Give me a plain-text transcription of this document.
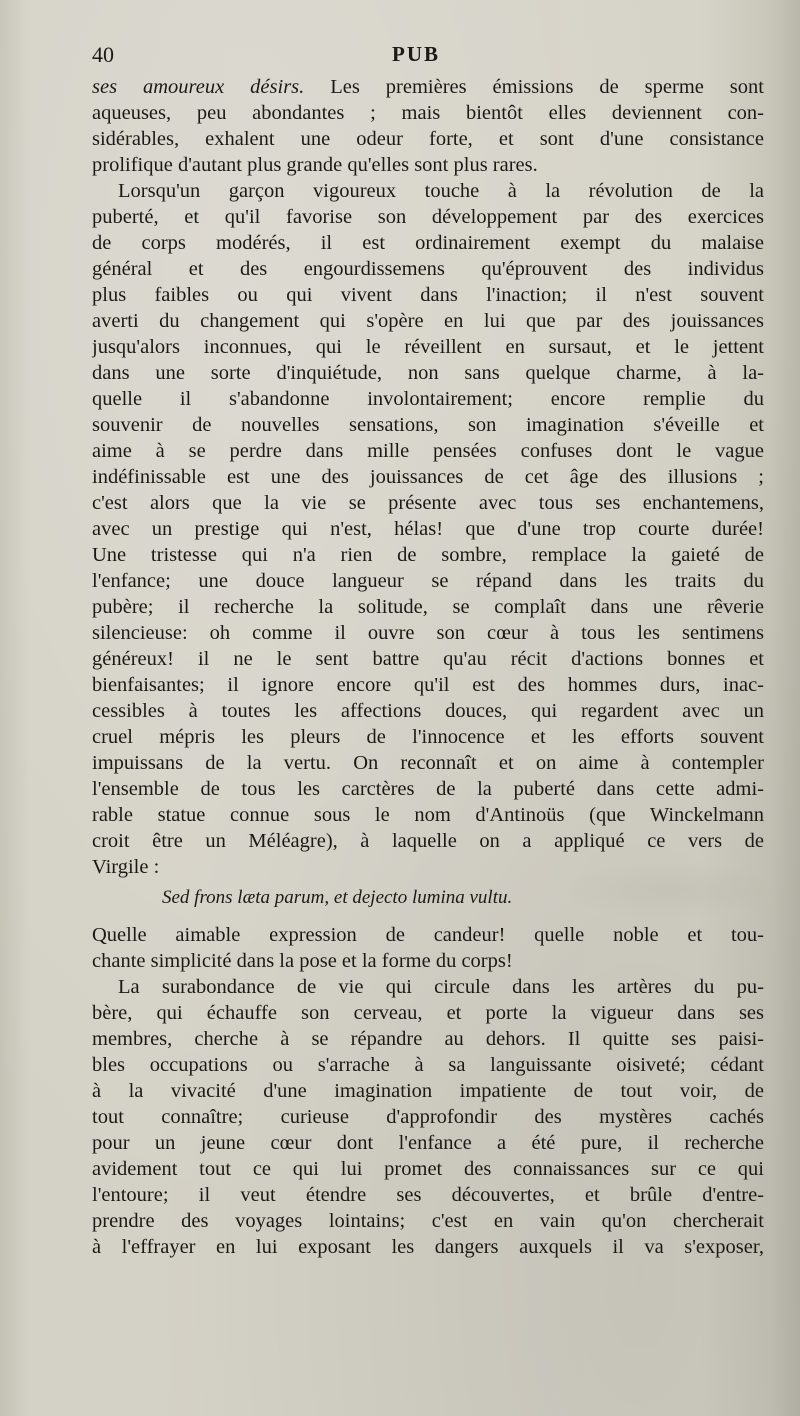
40	PUB
ses amoureux désirs. Les premières émissions de sperme sont
aqueuses, peu abondantes ; mais bientôt elles deviennent con-
sidérables, exhalent une odeur forte, et sont d'une consistance
prolifique d'autant plus grande qu'elles sont plus rares.
Lorsqu'un garçon vigoureux touche à la révolution de la
puberté, et qu'il favorise son développement par des exercices
de corps modérés, il est ordinairement exempt du malaise
général et des engourdissemens qu'éprouvent des individus
plus faibles ou qui vivent dans l'inaction; il n'est souvent
averti du changement qui s'opère en lui que par des jouissances
jusqu'alors inconnues, qui le réveillent en sursaut, et le jettent
dans une sorte d'inquiétude, non sans quelque charme, à la-
quelle il s'abandonne involontairement; encore remplie du
souvenir de nouvelles sensations, son imagination s'éveille et
aime à se perdre dans mille pensées confuses dont le vague
indéfinissable est une des jouissances de cet âge des illusions ;
c'est alors que la vie se présente avec tous ses enchantemens,
avec un prestige qui n'est, hélas! que d'une trop courte durée!
Une tristesse qui n'a rien de sombre, remplace la gaieté de
l'enfance; une douce langueur se répand dans les traits du
pubère; il recherche la solitude, se complaît dans une rêverie
silencieuse: oh comme il ouvre son cœur à tous les sentimens
généreux! il ne le sent battre qu'au récit d'actions bonnes et
bienfaisantes; il ignore encore qu'il est des hommes durs, inac-
cessibles à toutes les affections douces, qui regardent avec un
cruel mépris les pleurs de l'innocence et les efforts souvent
impuissans de la vertu. On reconnaît et on aime à contempler
l'ensemble de tous les carctères de la puberté dans cette admi-
rable statue connue sous le nom d'Antinoüs (que Winckelmann
croit être un Méléagre), à laquelle on a appliqué ce vers de
Virgile :
Sed frons læta parum, et dejecto lumina vultu.
Quelle aimable expression de candeur! quelle noble et tou-
chante simplicité dans la pose et la forme du corps!
La surabondance de vie qui circule dans les artères du pu-
bère, qui échauffe son cerveau, et porte la vigueur dans ses
membres, cherche à se répandre au dehors. Il quitte ses paisi-
bles occupations ou s'arrache à sa languissante oisiveté; cédant
à la vivacité d'une imagination impatiente de tout voir, de
tout connaître; curieuse d'approfondir des mystères cachés
pour un jeune cœur dont l'enfance a été pure, il recherche
avidement tout ce qui lui promet des connaissances sur ce qui
l'entoure; il veut étendre ses découvertes, et brûle d'entre-
prendre des voyages lointains; c'est en vain qu'on chercherait
à l'effrayer en lui exposant les dangers auxquels il va s'exposer,
